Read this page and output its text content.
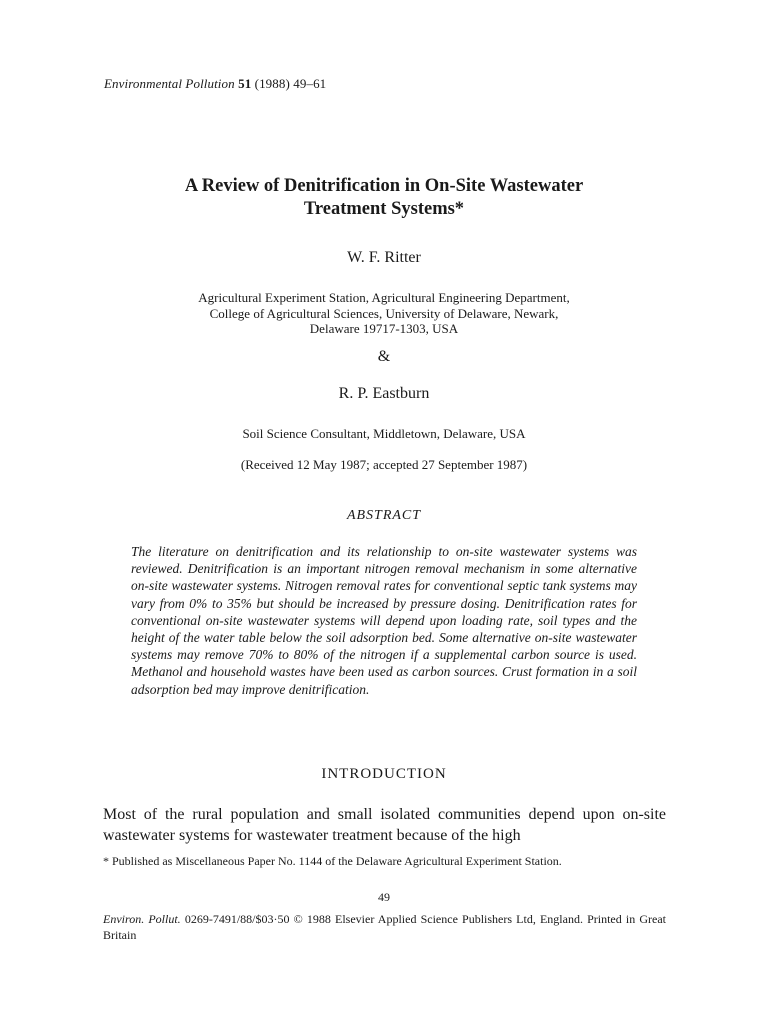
Environmental Pollution 51 (1988) 49–61
A Review of Denitrification in On-Site Wastewater
Treatment Systems*
W. F. Ritter
Agricultural Experiment Station, Agricultural Engineering Department,
College of Agricultural Sciences, University of Delaware, Newark,
Delaware 19717-1303, USA
&
R. P. Eastburn
Soil Science Consultant, Middletown, Delaware, USA
(Received 12 May 1987; accepted 27 September 1987)
ABSTRACT

The literature on denitrification and its relationship to on-site wastewater systems was reviewed. Denitrification is an important nitrogen removal mechanism in some alternative on-site wastewater systems. Nitrogen removal rates for conventional septic tank systems may vary from 0% to 35% but should be increased by pressure dosing. Denitrification rates for conventional on-site wastewater systems will depend upon loading rate, soil types and the height of the water table below the soil adsorption bed. Some alternative on-site wastewater systems may remove 70% to 80% of the nitrogen if a supplemental carbon source is used. Methanol and household wastes have been used as carbon sources. Crust formation in a soil adsorption bed may improve denitrification.

INTRODUCTION

Most of the rural population and small isolated communities depend upon on-site wastewater systems for wastewater treatment because of the high

* Published as Miscellaneous Paper No. 1144 of the Delaware Agricultural Experiment Station.

49

Environ. Pollut. 0269-7491/88/$03·50 © 1988 Elsevier Applied Science Publishers Ltd, England. Printed in Great Britain
